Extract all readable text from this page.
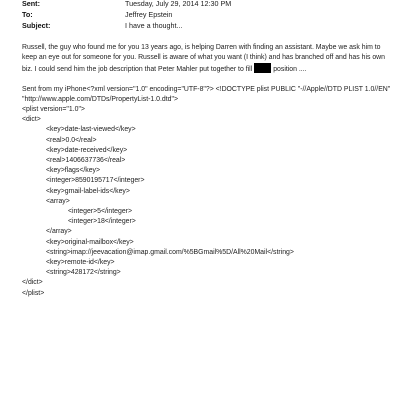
Sent:	Tuesday, July 29, 2014 12:30 PM
To:	Jeffrey Epstein
Subject:	I have a thought...

Russell, the guy who found me for you 13 years ago, is helping Darren with finding an assistant. Maybe we ask him to

keep an eye out for someone for you. Russell is aware of what you want (I think) and has branched off and has his own

biz. I could send him the job description that Peter Mahler put together to fill	position ....

Sent from my iPhone<?xml version="1.0" encoding="UTF-8"?> <!DOCTYPE plist PUBLIC "-//Apple//DTD PLIST 1.0//EN"

"http://www.apple.com/DTDs/PropertyList-1.0.dtd">

<plist version="1.0">

<dict>

<key>date-last-viewed</key>

<real>0.0</real>

<key>date-received</key>

<real>1406637736</real>

<key>flags</key>

<integer>8590195717</integer>

<key>gmail-label-ids</key>

<array>

<integer>5</integer>

<integer>18</integer>

</array>

<key>original-mailbox</key>

<string>imap://jeevacation@imap.gmail.com/%5BGmail%5D/All%20Mail</string>

<key>remote-id</key>

<string>428172</string>

</dict>

</plist>
